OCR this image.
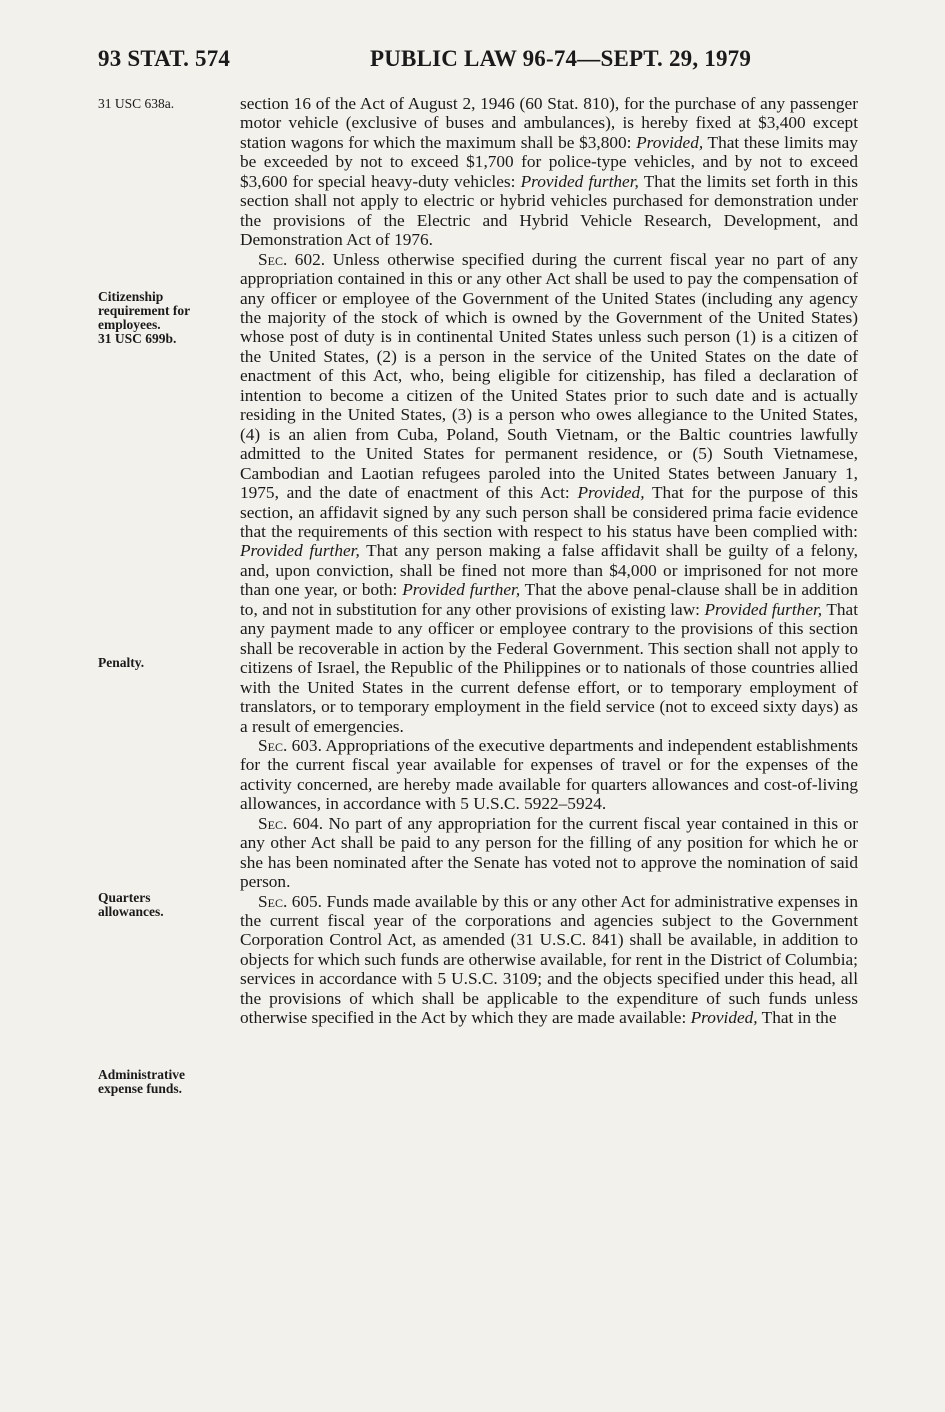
93 STAT. 574	PUBLIC LAW 96-74—SEPT. 29, 1979
31 USC 638a.
Citizenship
requirement for
employees.
31 USC 699b.
Penalty.
Quarters
allowances.
Administrative
expense funds.

section 16 of the Act of August 2, 1946 (60 Stat. 810), for the purchase of any passenger motor vehicle (exclusive of buses and ambulances), is hereby fixed at $3,400 except station wagons for which the maximum shall be $3,800: Provided, That these limits may be exceeded by not to exceed $1,700 for police-type vehicles, and by not to exceed $3,600 for special heavy-duty vehicles: Provided further, That the limits set forth in this section shall not apply to electric or hybrid vehicles purchased for demonstration under the provisions of the Electric and Hybrid Vehicle Research, Development, and Demonstration Act of 1976.

Sec. 602. Unless otherwise specified during the current fiscal year no part of any appropriation contained in this or any other Act shall be used to pay the compensation of any officer or employee of the Government of the United States (including any agency the majority of the stock of which is owned by the Government of the United States) whose post of duty is in continental United States unless such person (1) is a citizen of the United States, (2) is a person in the service of the United States on the date of enactment of this Act, who, being eligible for citizenship, has filed a declaration of intention to become a citizen of the United States prior to such date and is actually residing in the United States, (3) is a person who owes allegiance to the United States, (4) is an alien from Cuba, Poland, South Vietnam, or the Baltic countries lawfully admitted to the United States for permanent residence, or (5) South Vietnamese, Cambodian and Laotian refugees paroled into the United States between January 1, 1975, and the date of enactment of this Act: Provided, That for the purpose of this section, an affidavit signed by any such person shall be considered prima facie evidence that the requirements of this section with respect to his status have been complied with: Provided further, That any person making a false affidavit shall be guilty of a felony, and, upon conviction, shall be fined not more than $4,000 or imprisoned for not more than one year, or both: Provided further, That the above penal-clause shall be in addition to, and not in substitution for any other provisions of existing law: Provided further, That any payment made to any officer or employee contrary to the provisions of this section shall be recoverable in action by the Federal Government. This section shall not apply to citizens of Israel, the Republic of the Philippines or to nationals of those countries allied with the United States in the current defense effort, or to temporary employment of translators, or to temporary employment in the field service (not to exceed sixty days) as a result of emergencies.

Sec. 603. Appropriations of the executive departments and independent establishments for the current fiscal year available for expenses of travel or for the expenses of the activity concerned, are hereby made available for quarters allowances and cost-of-living allowances, in accordance with 5 U.S.C. 5922–5924.

Sec. 604. No part of any appropriation for the current fiscal year contained in this or any other Act shall be paid to any person for the filling of any position for which he or she has been nominated after the Senate has voted not to approve the nomination of said person.

Sec. 605. Funds made available by this or any other Act for administrative expenses in the current fiscal year of the corporations and agencies subject to the Government Corporation Control Act, as amended (31 U.S.C. 841) shall be available, in addition to objects for which such funds are otherwise available, for rent in the District of Columbia; services in accordance with 5 U.S.C. 3109; and the objects specified under this head, all the provisions of which shall be applicable to the expenditure of such funds unless otherwise specified in the Act by which they are made available: Provided, That in the
